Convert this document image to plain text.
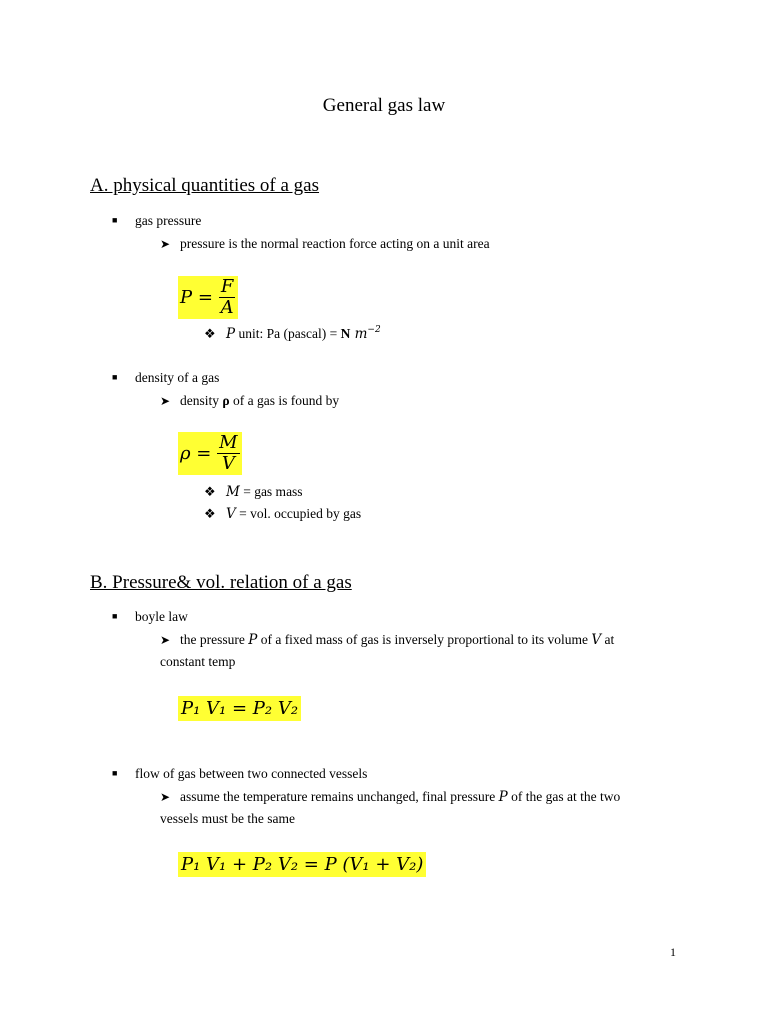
General gas law
A. physical quantities of a gas
■ gas pressure
➤ pressure is the normal reaction force acting on a unit area
P =
$\frac{F}{A}$
❖ P unit: Pa (pascal) = N $m^{-2}$
■ density of a gas
➤ density ρ of a gas is found by
ρ =
$\frac{M}{V}$
❖ M = gas mass
❖ V = vol. occupied by gas
B. Pressure& vol. relation of a gas
■ boyle law
➤ the pressure P of a fixed mass of gas is inversely proportional to its volume V at constant temp
P₁ V₁ = P₂ V₂
■ flow of gas between two connected vessels
➤ assume the temperature remains unchanged, final pressure P of the gas at the two vessels must be the same
P₁ V₁ + P₂ V₂ = P (V₁ + V₂)
1
